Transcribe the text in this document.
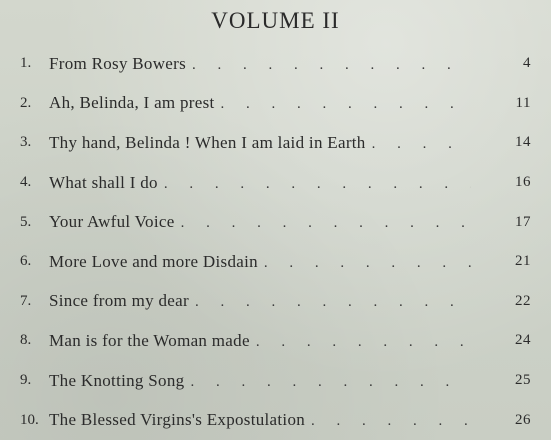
VOLUME II
1.	From Rosy Bowers . . .	4
2.	Ah, Belinda, I am prest . . .	11
3.	Thy hand, Belinda ! When I am laid in Earth . . .	14
4.	What shall I do . . .	16
5.	Your Awful Voice . . .	17
6.	More Love and more Disdain . . .	21
7.	Since from my dear . . .	22
8.	Man is for the Woman made . . .	24
9.	The Knotting Song . . .	25
10. The Blessed Virgins's Expostulation . . .	26
